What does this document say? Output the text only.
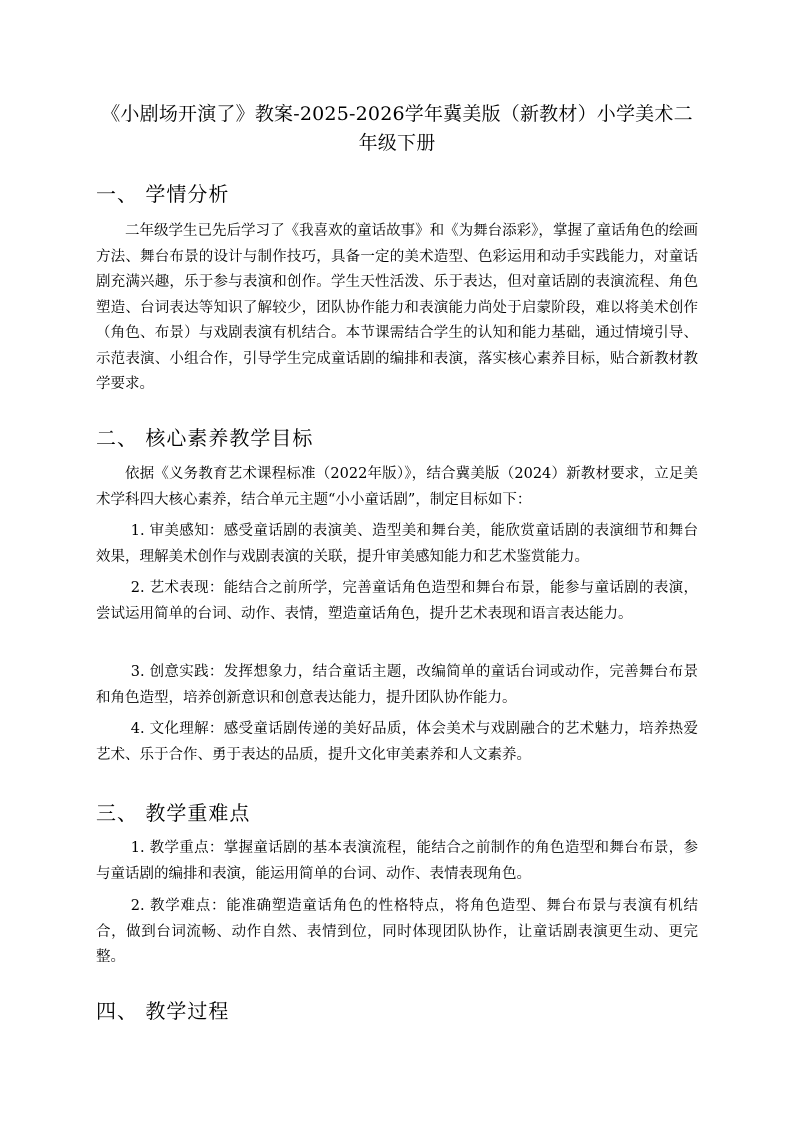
《小剧场开演了》教案-2025-2026学年冀美版（新教材）小学美术二年级下册
一、 学情分析

二年级学生已先后学习了《我喜欢的童话故事》和《为舞台添彩》，掌握了童话角色的绘画方法、舞台布景的设计与制作技巧，具备一定的美术造型、色彩运用和动手实践能力，对童话剧充满兴趣，乐于参与表演和创作。学生天性活泼、乐于表达，但对童话剧的表演流程、角色塑造、台词表达等知识了解较少，团队协作能力和表演能力尚处于启蒙阶段，难以将美术创作（角色、布景）与戏剧表演有机结合。本节课需结合学生的认知和能力基础，通过情境引导、示范表演、小组合作，引导学生完成童话剧的编排和表演，落实核心素养目标，贴合新教材教学要求。

二、 核心素养教学目标

依据《义务教育艺术课程标准（2022年版）》，结合冀美版（2024）新教材要求，立足美术学科四大核心素养，结合单元主题“小小童话剧”，制定目标如下：

1. 审美感知：感受童话剧的表演美、造型美和舞台美，能欣赏童话剧的表演细节和舞台效果，理解美术创作与戏剧表演的关联，提升审美感知能力和艺术鉴赏能力。

2. 艺术表现：能结合之前所学，完善童话角色造型和舞台布景，能参与童话剧的表演，尝试运用简单的台词、动作、表情，塑造童话角色，提升艺术表现和语言表达能力。

3. 创意实践：发挥想象力，结合童话主题，改编简单的童话台词或动作，完善舞台布景和角色造型，培养创新意识和创意表达能力，提升团队协作能力。

4. 文化理解：感受童话剧传递的美好品质，体会美术与戏剧融合的艺术魅力，培养热爱艺术、乐于合作、勇于表达的品质，提升文化审美素养和人文素养。

三、 教学重难点

1. 教学重点：掌握童话剧的基本表演流程，能结合之前制作的角色造型和舞台布景，参与童话剧的编排和表演，能运用简单的台词、动作、表情表现角色。

2. 教学难点：能准确塑造童话角色的性格特点，将角色造型、舞台布景与表演有机结合，做到台词流畅、动作自然、表情到位，同时体现团队协作，让童话剧表演更生动、更完整。

四、 教学过程
